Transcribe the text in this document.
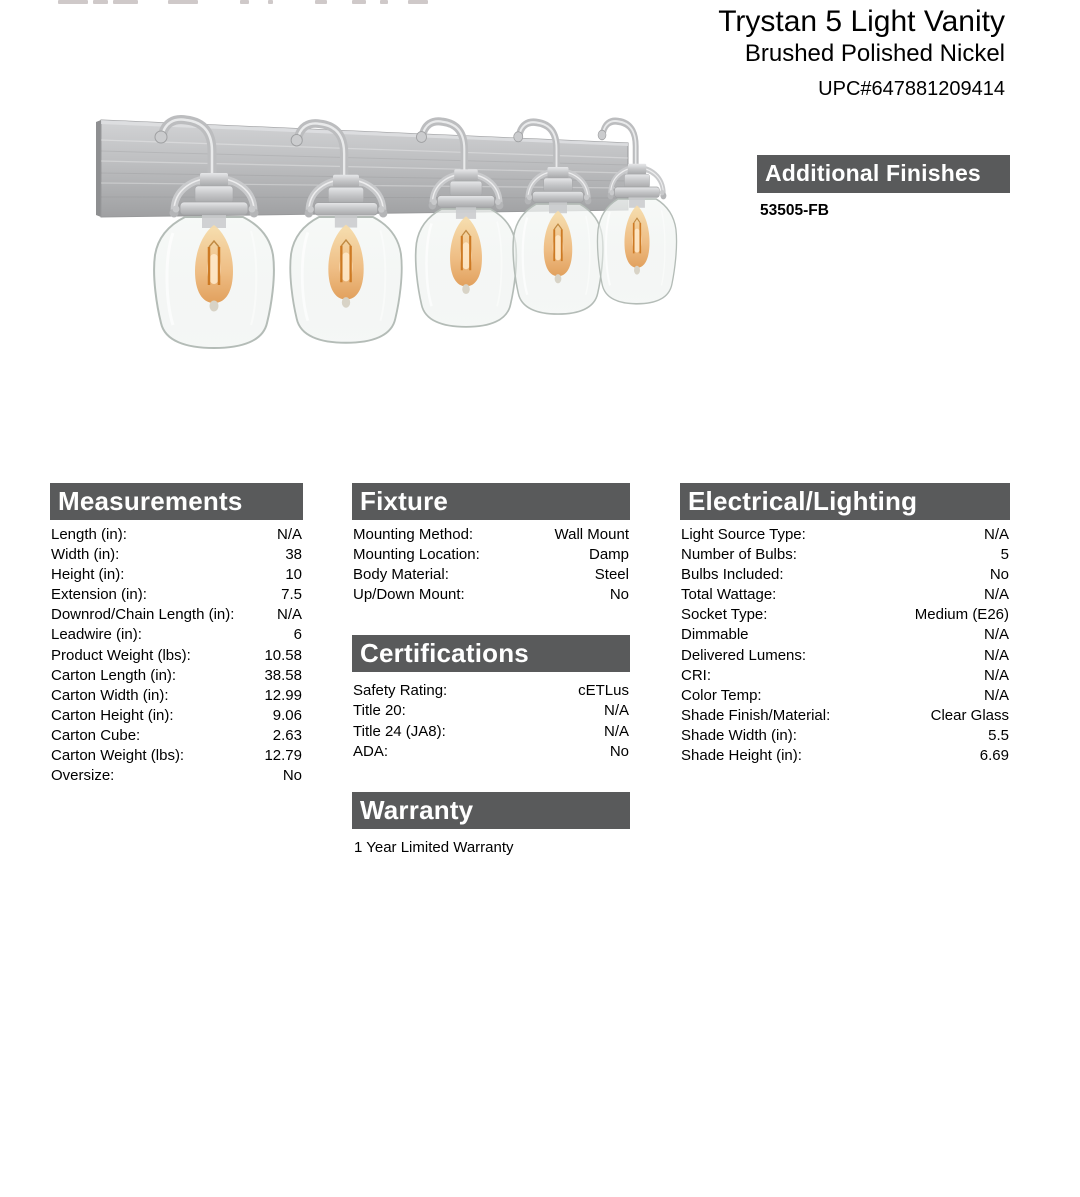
Trystan 5 Light Vanity
Brushed Polished Nickel
UPC#647881209414
Additional Finishes
53505-FB
Measurements
Length (in):	N/A
Width (in):	38
Height (in):	10
Extension (in):	7.5
Downrod/Chain Length (in):	N/A
Leadwire (in):	6
Product Weight (lbs):	10.58
Carton Length (in):	38.58
Carton Width (in):	12.99
Carton Height (in):	9.06
Carton Cube:	2.63
Carton Weight (lbs):	12.79
Oversize:	No
Fixture
Mounting Method:	Wall Mount
Mounting Location:	Damp
Body Material:	Steel
Up/Down Mount:	No
Certifications
Safety Rating:	cETLus
Title 20:	N/A
Title 24 (JA8):	N/A
ADA:	No
Warranty
1 Year Limited Warranty
Electrical/Lighting
Light Source Type:	N/A
Number of Bulbs:	5
Bulbs Included:	No
Total Wattage:	N/A
Socket Type:	Medium (E26)
Dimmable	N/A
Delivered Lumens:	N/A
CRI:	N/A
Color Temp:	N/A
Shade Finish/Material:	Clear Glass
Shade Width (in):	5.5
Shade Height (in):	6.69
